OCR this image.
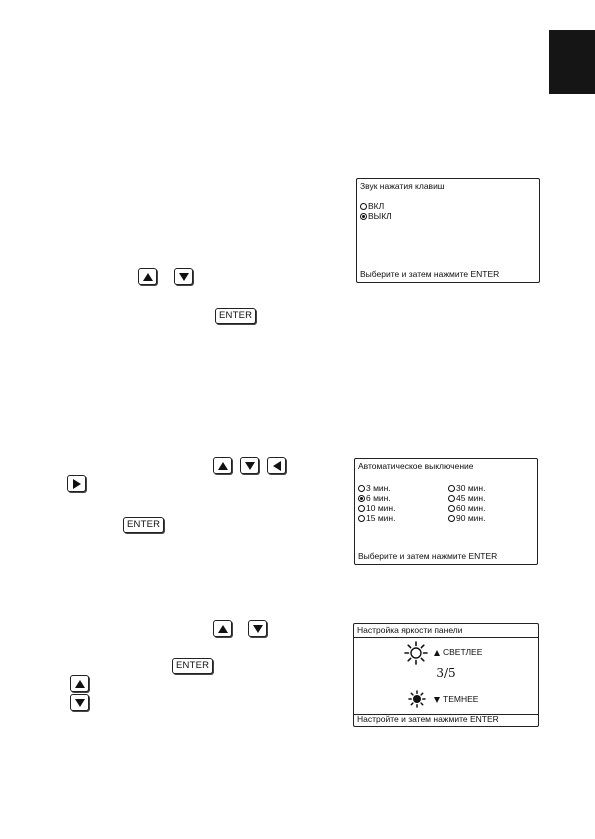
ENTER
Звук нажатия клавиш
ВКЛ
ВЫКЛ
Выберите и затем нажмите ENTER
ENTER
Автоматическое выключение
3 мин.	30 мин.
6 мин.	45 мин.
10 мин.	60 мин.
15 мин.	90 мин.
Выберите и затем нажмите ENTER
ENTER
Настройка яркости панели
СВЕТЛЕЕ
3/5
ТЕМНЕЕ
Настройте и затем нажмите ENTER
